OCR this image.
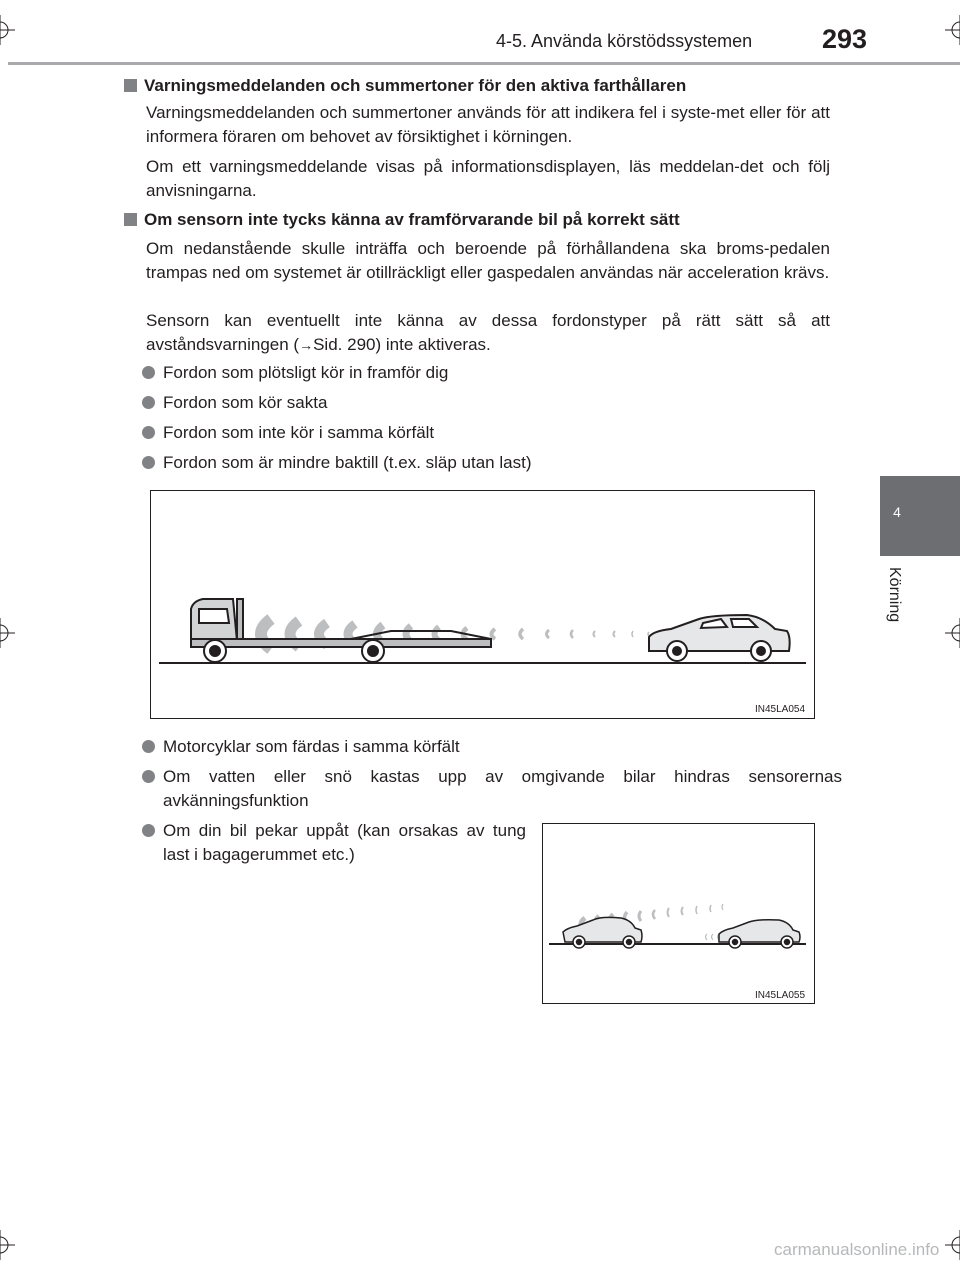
4-5. Använda körstödssystemen	293
4
Körning
Varningsmeddelanden och summertoner för den aktiva farthållaren
Varningsmeddelanden och summertoner används för att indikera fel i syste-met eller för att informera föraren om behovet av försiktighet i körningen.
Om ett varningsmeddelande visas på informationsdisplayen, läs meddelan-det och följ anvisningarna.
Om sensorn inte tycks känna av framförvarande bil på korrekt sätt
Om nedanstående skulle inträffa och beroende på förhållandena ska broms-pedalen trampas ned om systemet är otillräckligt eller gaspedalen användas när acceleration krävs.
Sensorn kan eventuellt inte känna av dessa fordonstyper på rätt sätt så att avståndsvarningen (→Sid. 290) inte aktiveras.
Fordon som plötsligt kör in framför dig
Fordon som kör sakta
Fordon som inte kör i samma körfält
Fordon som är mindre baktill (t.ex. släp utan last)
IN45LA054
Motorcyklar som färdas i samma körfält
Om vatten eller snö kastas upp av omgivande bilar hindras sensorernas avkänningsfunktion
Om din bil pekar uppåt (kan orsakas av tung last i bagagerummet etc.)
IN45LA055
carmanualsonline.info
